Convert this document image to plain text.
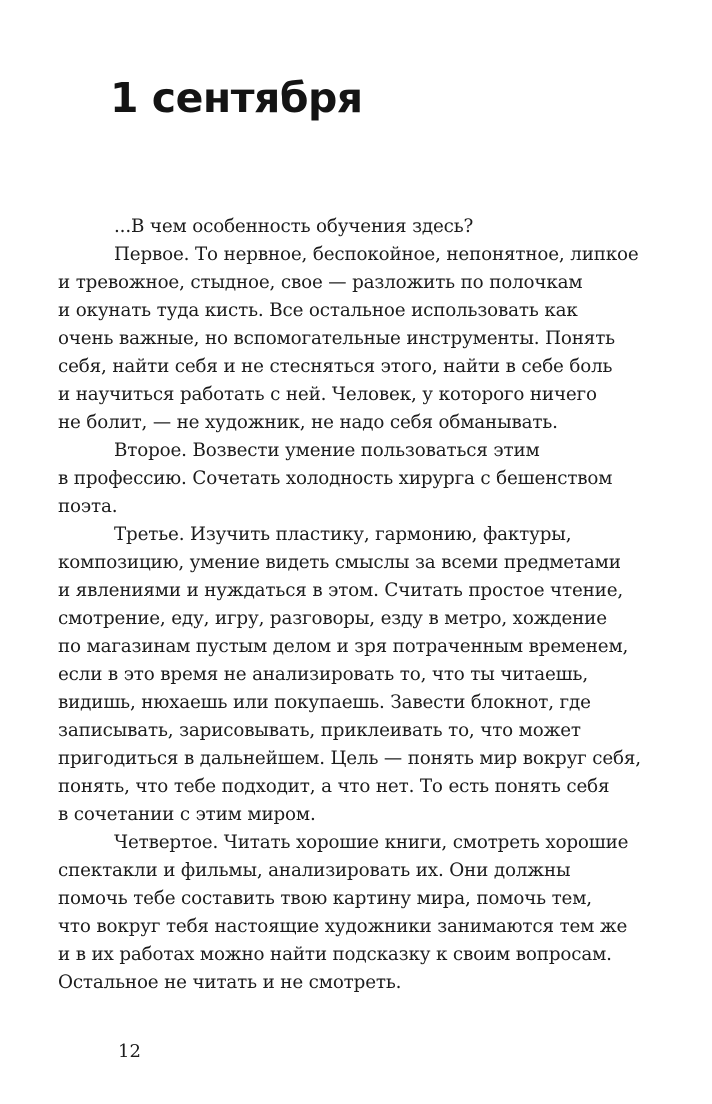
1 сентября
...В чем особенность обучения здесь?
Первое. То нервное, беспокойное, непонятное, липкое
и тревожное, стыдное, свое — разложить по полочкам
и окунать туда кисть. Все остальное использовать как
очень важные, но вспомогательные инструменты. Понять
себя, найти себя и не стесняться этого, найти в себе боль
и научиться работать с ней. Человек, у которого ничего
не болит, — не художник, не надо себя обманывать.
Второе. Возвести умение пользоваться этим
в профессию. Сочетать холодность хирурга с бешенством
поэта.
Третье. Изучить пластику, гармонию, фактуры,
композицию, умение видеть смыслы за всеми предметами
и явлениями и нуждаться в этом. Считать простое чтение,
смотрение, еду, игру, разговоры, езду в метро, хождение
по магазинам пустым делом и зря потраченным временем,
если в это время не анализировать то, что ты читаешь,
видишь, нюхаешь или покупаешь. Завести блокнот, где
записывать, зарисовывать, приклеивать то, что может
пригодиться в дальнейшем. Цель — понять мир вокруг себя,
понять, что тебе подходит, а что нет. То есть понять себя
в сочетании с этим миром.
Четвертое. Читать хорошие книги, смотреть хорошие
спектакли и фильмы, анализировать их. Они должны
помочь тебе составить твою картину мира, помочь тем,
что вокруг тебя настоящие художники занимаются тем же
и в их работах можно найти подсказку к своим вопросам.
Остальное не читать и не смотреть.
12
